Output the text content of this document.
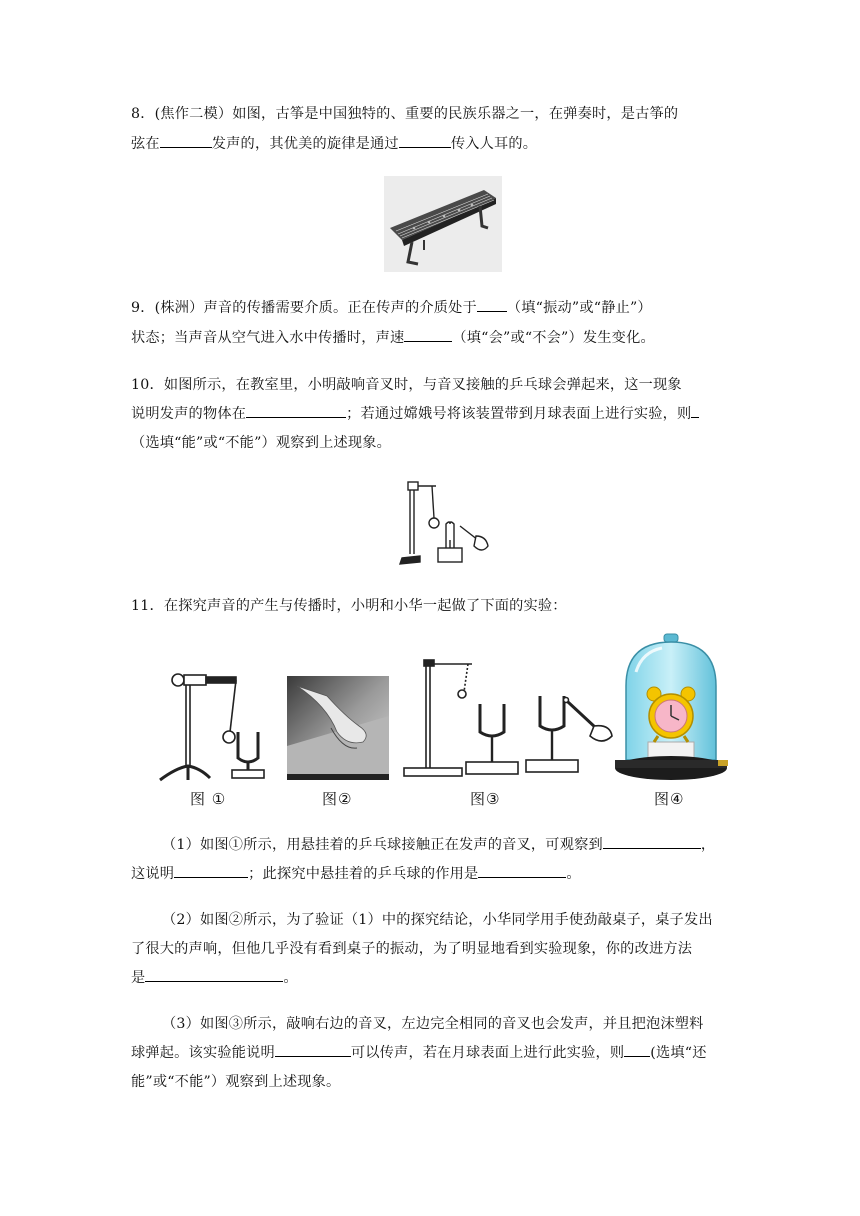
8．(焦作二模）如图，古筝是中国独特的、重要的民族乐器之一，在弹奏时，是古筝的
弦在	发声的，其优美的旋律是通过	传入人耳的。
9．(株洲）声音的传播需要介质。正在传声的介质处于 （填“振动”或“静止”）
状态；当声音从空气进入水中传播时，声速	（填“会”或“不会”）发生变化。
10．如图所示，在教室里，小明敲响音叉时，与音叉接触的乒乓球会弹起来，这一现象
说明发声的物体在	；若通过嫦娥号将该装置带到月球表面上进行实验，则
（选填“能”或“不能”）观察到上述现象。
11．在探究声音的产生与传播时，小明和小华一起做了下面的实验：
图 ①	图②	图③	图④
（1）如图①所示，用悬挂着的乒乓球接触正在发声的音叉，可观察到	，
这说明	；此探究中悬挂着的乒乓球的作用是	。
（2）如图②所示，为了验证（1）中的探究结论，小华同学用手使劲敲桌子，桌子发出
了很大的声响，但他几乎没有看到桌子的振动，为了明显地看到实验现象，你的改进方法
是	。
（3）如图③所示，敲响右边的音叉，左边完全相同的音叉也会发声，并且把泡沫塑料
球弹起。该实验能说明	可以传声，若在月球表面上进行此实验，则 (选填“还
能”或“不能”）观察到上述现象。
